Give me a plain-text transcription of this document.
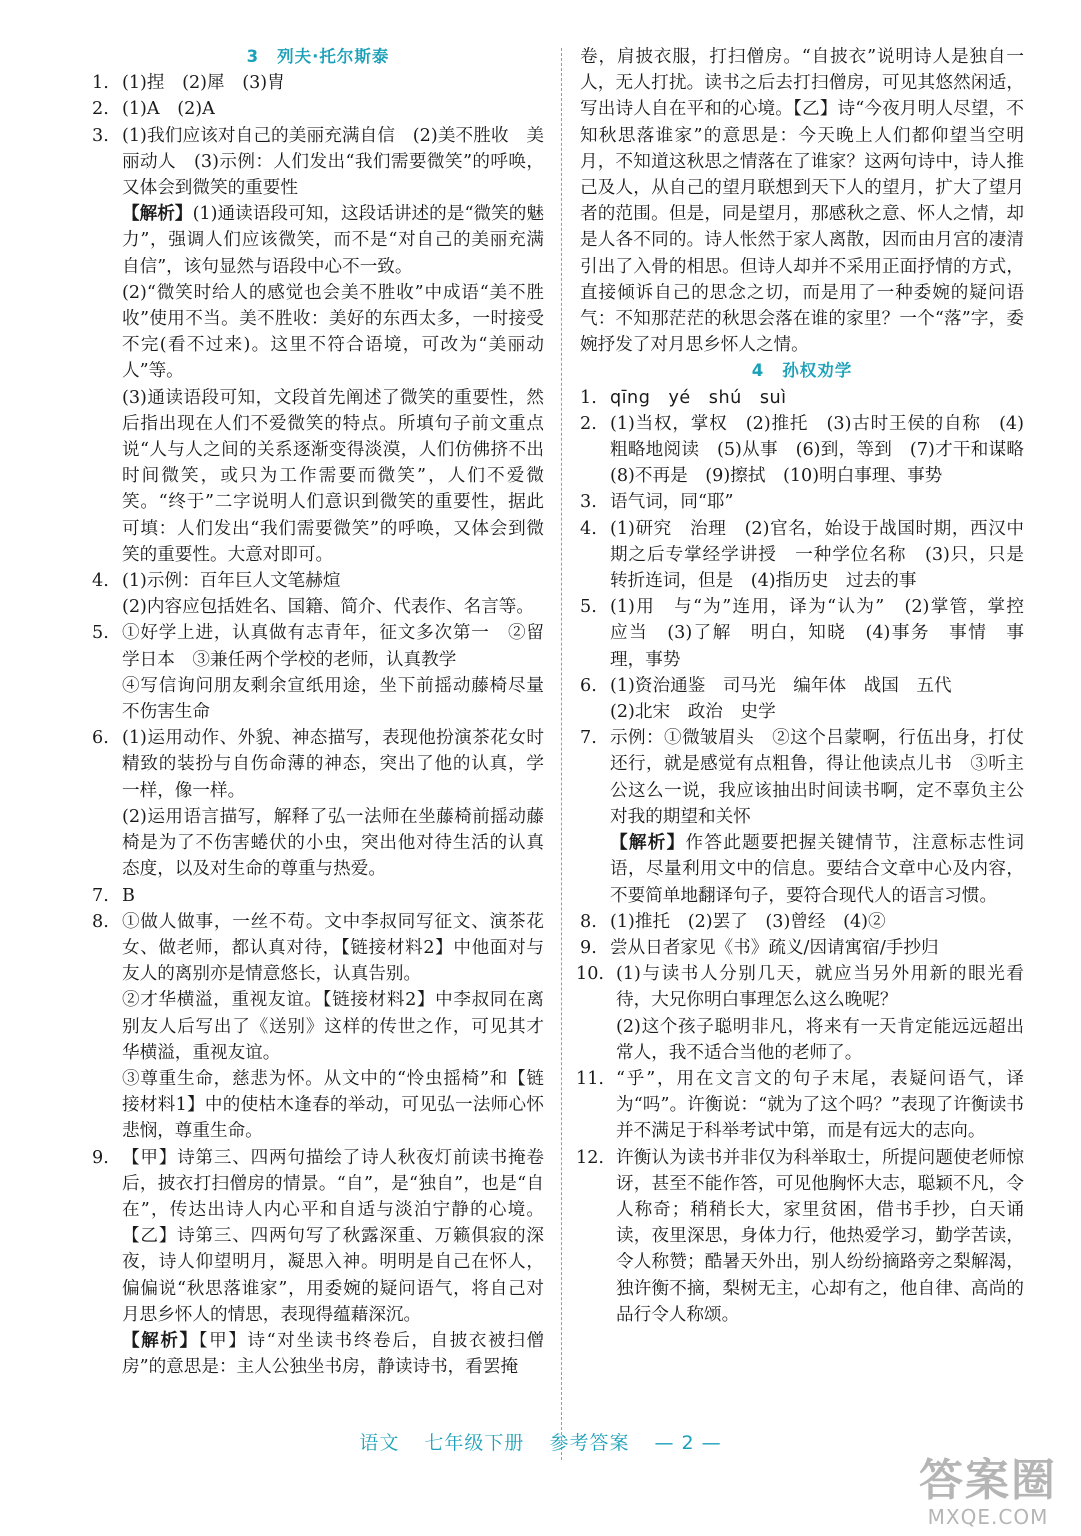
3 列夫·托尔斯泰
1. (1)捏　(2)犀　(3)胄
2. (1)A　(2)A
3. (1)我们应该对自己的美丽充满自信　(2)美不胜收　美丽动人　(3)示例：人们发出“我们需要微笑”的呼唤，又体会到微笑的重要性
【解析】(1)通读语段可知，这段话讲述的是“微笑的魅力”，强调人们应该微笑，而不是“对自己的美丽充满自信”，该句显然与语段中心不一致。
(2)“微笑时给人的感觉也会美不胜收”中成语“美不胜收”使用不当。美不胜收：美好的东西太多，一时接受不完(看不过来)。这里不符合语境，可改为“美丽动人”等。
(3)通读语段可知，文段首先阐述了微笑的重要性，然后指出现在人们不爱微笑的特点。所填句子前文重点说“人与人之间的关系逐渐变得淡漠，人们仿佛挤不出时间微笑，或只为工作需要而微笑”，人们不爱微笑。“终于”二字说明人们意识到微笑的重要性，据此可填：人们发出“我们需要微笑”的呼唤，又体会到微笑的重要性。大意对即可。
4. (1)示例：百年巨人文笔赫煊
(2)内容应包括姓名、国籍、简介、代表作、名言等。
5. ①好学上进，认真做有志青年，征文多次第一　②留学日本　③兼任两个学校的老师，认真教学
④写信询问朋友剩余宣纸用途，坐下前摇动藤椅尽量不伤害生命
6. (1)运用动作、外貌、神态描写，表现他扮演茶花女时精致的装扮与自伤命薄的神态，突出了他的认真，学一样，像一样。
(2)运用语言描写，解释了弘一法师在坐藤椅前摇动藤椅是为了不伤害蜷伏的小虫，突出他对待生活的认真态度，以及对生命的尊重与热爱。
7. B
8. ①做人做事，一丝不苟。文中李叔同写征文、演茶花女、做老师，都认真对待，【链接材料2】中他面对与友人的离别亦是情意悠长，认真告别。
②才华横溢，重视友谊。【链接材料2】中李叔同在离别友人后写出了《送别》这样的传世之作，可见其才华横溢，重视友谊。
③尊重生命，慈悲为怀。从文中的“怜虫摇椅”和【链接材料1】中的使枯木逢春的举动，可见弘一法师心怀悲悯，尊重生命。
9. 【甲】诗第三、四两句描绘了诗人秋夜灯前读书掩卷后，披衣打扫僧房的情景。“自”，是“独自”，也是“自在”，传达出诗人内心平和自适与淡泊宁静的心境。【乙】诗第三、四两句写了秋露深重、万籁俱寂的深夜，诗人仰望明月，凝思入神。明明是自己在怀人，偏偏说“秋思落谁家”，用委婉的疑问语气，将自己对月思乡怀人的情思，表现得蕴藉深沉。
【解析】【甲】诗“对坐读书终卷后，自披衣被扫僧房”的意思是：主人公独坐书房，静读诗书，看罢掩
卷，肩披衣服，打扫僧房。“自披衣”说明诗人是独自一人，无人打扰。读书之后去打扫僧房，可见其悠然闲适，写出诗人自在平和的心境。【乙】诗“今夜月明人尽望，不知秋思落谁家”的意思是：今天晚上人们都仰望当空明月，不知道这秋思之情落在了谁家？这两句诗中，诗人推己及人，从自己的望月联想到天下人的望月，扩大了望月者的范围。但是，同是望月，那感秋之意、怀人之情，却是人各不同的。诗人怅然于家人离散，因而由月宫的凄清引出了入骨的相思。但诗人却并不采用正面抒情的方式，直接倾诉自己的思念之切，而是用了一种委婉的疑问语气：不知那茫茫的秋思会落在谁的家里？一个“落”字，委婉抒发了对月思乡怀人之情。
4 孙权劝学
1. qīng　yé　shú　suì
2. (1)当权，掌权　(2)推托　(3)古时王侯的自称　(4)粗略地阅读　(5)从事　(6)到，等到　(7)才干和谋略　(8)不再是　(9)擦拭　(10)明白事理、事势
3. 语气词，同“耶”
4. (1)研究　治理　(2)官名，始设于战国时期，西汉中期之后专掌经学讲授　一种学位名称　(3)只，只是　转折连词，但是　(4)指历史　过去的事
5. (1)用　与“为”连用，译为“认为”　(2)掌管，掌控　应当　(3)了解　明白，知晓　(4)事务　事情　事理，事势
6. (1)资治通鉴　司马光　编年体　战国　五代
(2)北宋　政治　史学
7. 示例：①微皱眉头　②这个吕蒙啊，行伍出身，打仗还行，就是感觉有点粗鲁，得让他读点儿书　③听主公这么一说，我应该抽出时间读书啊，定不辜负主公对我的期望和关怀
【解析】作答此题要把握关键情节，注意标志性词语，尽量利用文中的信息。要结合文章中心及内容，不要简单地翻译句子，要符合现代人的语言习惯。
8. (1)推托　(2)罢了　(3)曾经　(4)②
9. 尝从日者家见《书》疏义/因请寓宿/手抄归
10. (1)与读书人分别几天，就应当另外用新的眼光看待，大兄你明白事理怎么这么晚呢？
(2)这个孩子聪明非凡，将来有一天肯定能远远超出常人，我不适合当他的老师了。
11. “乎”，用在文言文的句子末尾，表疑问语气，译为“吗”。许衡说：“就为了这个吗？”表现了许衡读书并不满足于科举考试中第，而是有远大的志向。
12. 许衡认为读书并非仅为科举取士，所提问题使老师惊讶，甚至不能作答，可见他胸怀大志，聪颖不凡，令人称奇；稍稍长大，家里贫困，借书手抄，白天诵读，夜里深思，身体力行，他热爱学习，勤学苦读，令人称赞；酷暑天外出，别人纷纷摘路旁之梨解渴，独许衡不摘，梨树无主，心却有之，他自律、高尚的品行令人称颂。
语文 七年级下册 参考答案 — 2 —
答案圈
MXQE.COM
